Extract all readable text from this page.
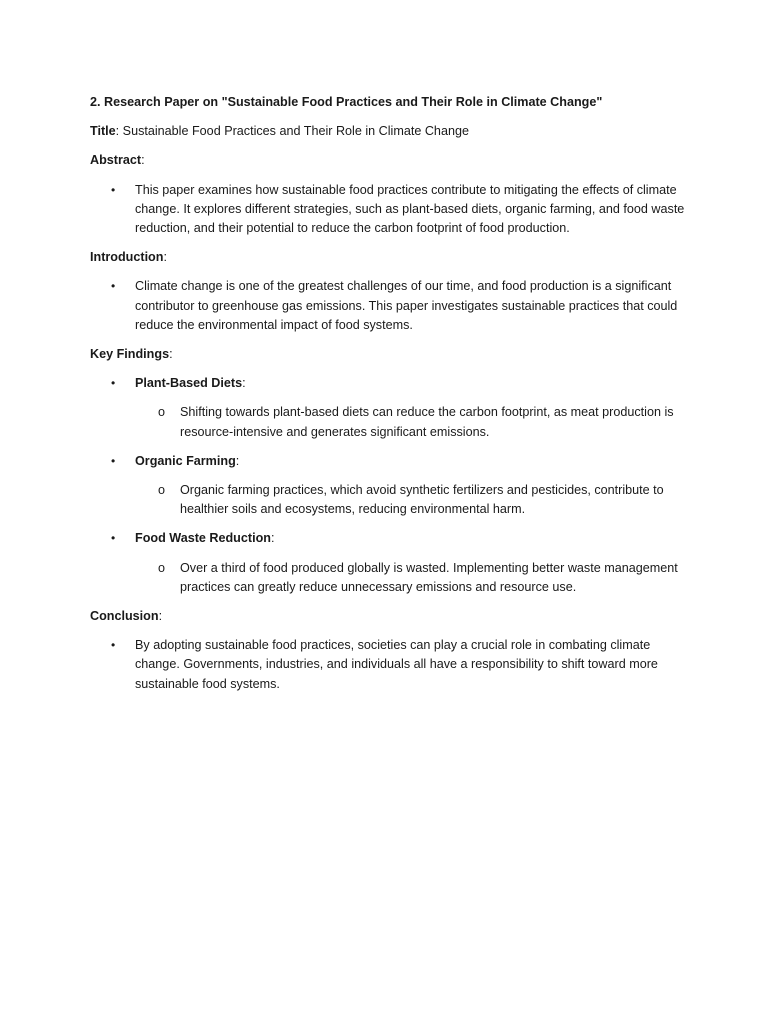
2. Research Paper on "Sustainable Food Practices and Their Role in Climate Change"

Title: Sustainable Food Practices and Their Role in Climate Change

Abstract:

• This paper examines how sustainable food practices contribute to mitigating the effects of climate change. It explores different strategies, such as plant-based diets, organic farming, and food waste reduction, and their potential to reduce the carbon footprint of food production.

Introduction:

• Climate change is one of the greatest challenges of our time, and food production is a significant contributor to greenhouse gas emissions. This paper investigates sustainable practices that could reduce the environmental impact of food systems.

Key Findings:

• Plant-Based Diets:
o Shifting towards plant-based diets can reduce the carbon footprint, as meat production is resource-intensive and generates significant emissions.
• Organic Farming:
o Organic farming practices, which avoid synthetic fertilizers and pesticides, contribute to healthier soils and ecosystems, reducing environmental harm.
• Food Waste Reduction:
o Over a third of food produced globally is wasted. Implementing better waste management practices can greatly reduce unnecessary emissions and resource use.

Conclusion:

• By adopting sustainable food practices, societies can play a crucial role in combating climate change. Governments, industries, and individuals all have a responsibility to shift toward more sustainable food systems.
